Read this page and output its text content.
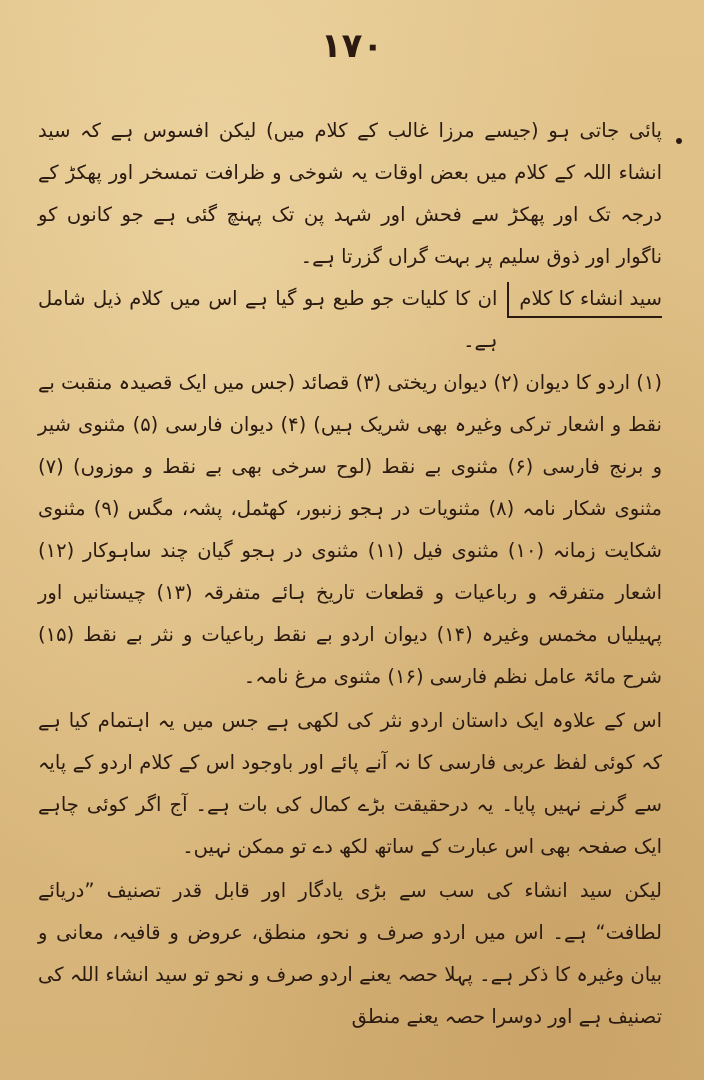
۱۷۰

پائی جاتی ہو (جیسے مرزا غالب کے کلام میں) لیکن افسوس ہے کہ سید انشاء اللہ کے کلام میں بعض اوقات یہ شوخی و ظرافت تمسخر اور پھکڑ کے درجہ تک اور پھکڑ سے فحش اور شہد پن تک پہنچ گئی ہے جو کانوں کو ناگوار اور ذوق سلیم پر بہت گراں گزرتا ہے۔

سید انشاء کا کلام
ان کا کلیات جو طبع ہو گیا ہے اس میں کلام ذیل شامل ہے۔

(۱) اردو کا دیوان (۲) دیوان ریختی (۳) قصائد (جس میں ایک قصیدہ منقبت بے نقط و اشعار ترکی وغیرہ بھی شریک ہیں) (۴) دیوان فارسی (۵) مثنوی شیر و برنج فارسی (۶) مثنوی بے نقط (لوح سرخی بھی بے نقط و موزوں) (۷) مثنوی شکار نامہ (۸) مثنویات در ہجو زنبور، کھٹمل، پشہ، مگس (۹) مثنوی شکایت زمانہ (۱۰) مثنوی فیل (۱۱) مثنوی در ہجو گیان چند ساہوکار (۱۲) اشعار متفرقہ و رباعیات و قطعات تاریخ ہائے متفرقہ (۱۳) چیستانیں اور پہیلیاں مخمس وغیرہ (۱۴) دیوان اردو بے نقط رباعیات و نثر بے نقط (۱۵) شرح مائۃ عامل نظم فارسی (۱۶) مثنوی مرغ نامہ۔

اس کے علاوہ ایک داستان اردو نثر کی لکھی ہے جس میں یہ اہتمام کیا ہے کہ کوئی لفظ عربی فارسی کا نہ آنے پائے اور باوجود اس کے کلام اردو کے پایہ سے گرنے نہیں پایا۔ یہ درحقیقت بڑے کمال کی بات ہے۔ آج اگر کوئی چاہے ایک صفحہ بھی اس عبارت کے ساتھ لکھ دے تو ممکن نہیں۔

لیکن سید انشاء کی سب سے بڑی یادگار اور قابل قدر تصنیف ”دریائے لطافت“ ہے۔ اس میں اردو صرف و نحو، منطق، عروض و قافیہ، معانی و بیان وغیرہ کا ذکر ہے۔ پہلا حصہ یعنے اردو صرف و نحو تو سید انشاء اللہ کی تصنیف ہے اور دوسرا حصہ یعنے منطق
